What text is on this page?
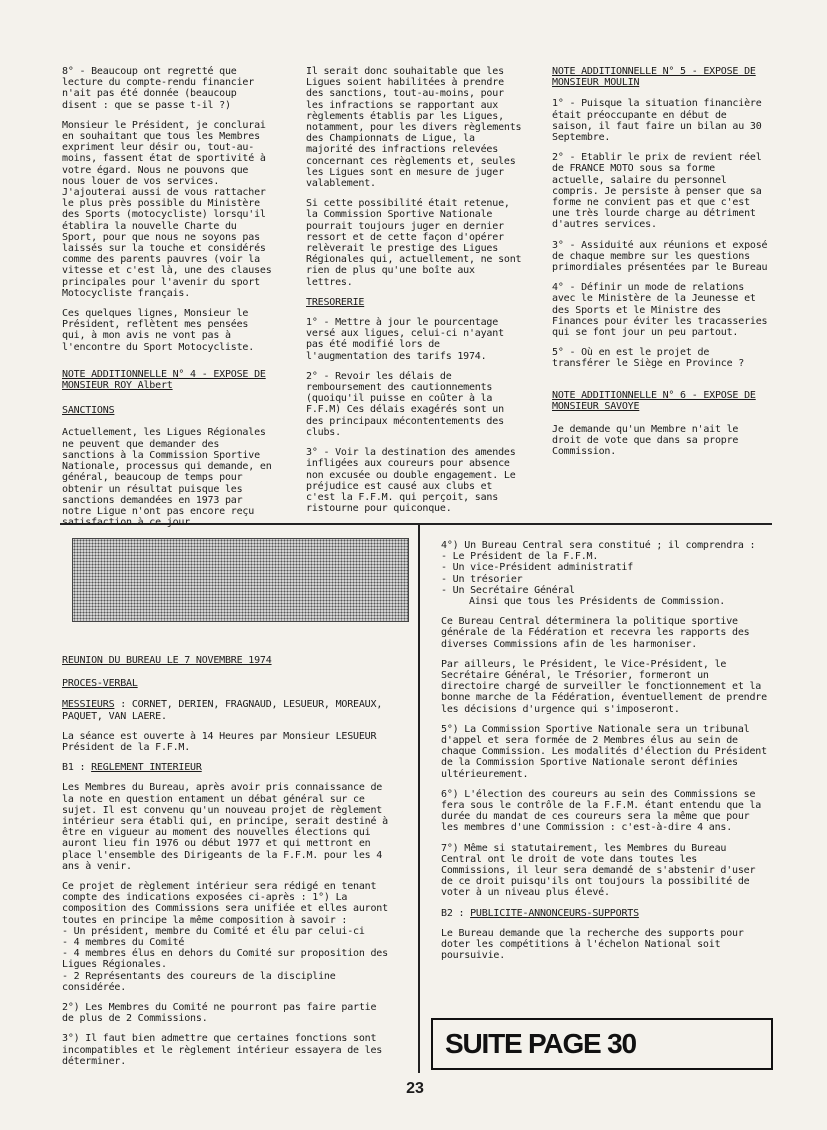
8° - Beaucoup ont regretté que lecture du compte-rendu financier n'ait pas été donnée (beaucoup disent : que se passe t-il ?)

Monsieur le Président, je conclurai en souhaitant que tous les Membres expriment leur désir ou, tout-au-moins, fassent état de sportivité à votre égard. Nous ne pouvons que nous louer de vos services. J'ajouterai aussi de vous rattacher le plus près possible du Ministère des Sports (motocycliste) lorsqu'il établira la nouvelle Charte du Sport, pour que nous ne soyons pas laissés sur la touche et considérés comme des parents pauvres (voir la vitesse et c'est là, une des clauses principales pour l'avenir du sport Motocycliste français.

Ces quelques lignes, Monsieur le Président, reflètent mes pensées qui, à mon avis ne vont pas à l'encontre du Sport Motocycliste.

NOTE ADDITIONNELLE N° 4 - EXPOSE DE MONSIEUR ROY Albert

SANCTIONS

Actuellement, les Ligues Régionales ne peuvent que demander des sanctions à la Commission Sportive Nationale, processus qui demande, en général, beaucoup de temps pour obtenir un résultat puisque les sanctions demandées en 1973 par notre Ligue n'ont pas encore reçu

Il serait donc souhaitable que les Ligues soient habilitées à prendre des sanctions, tout-au-moins, pour les infractions se rapportant aux règlements établis par les Ligues, notamment, pour les divers règlements des Championnats de Ligue, la majorité des infractions relevées concernant ces règlements et, seules les Ligues sont en mesure de juger valablement.

Si cette possibilité était retenue, la Commission Sportive Nationale pourrait toujours juger en dernier ressort et de cette façon d'opérer relèverait le prestige des Ligues Régionales qui, actuellement, ne sont rien de plus qu'une boîte aux lettres.

TRESORERIE

1° - Mettre à jour le pourcentage versé aux ligues, celui-ci n'ayant pas été modifié lors de l'augmentation des tarifs 1974.

2° - Revoir les délais de remboursement des cautionnements (quoiqu'il puisse en coûter à la F.F.M) Ces délais exagérés sont un des principaux mécontentements des clubs.

3° - Voir la destination des amendes infligées aux coureurs pour absence non excusée ou double engagement. Le préjudice est causé aux clubs et c'est la F.F.M. qui perçoit, sans ristourne pour quiconque.

NOTE ADDITIONNELLE N° 5 - EXPOSE DE MONSIEUR MOULIN

1° - Puisque la situation financière était préoccupante en début de saison, il faut faire un bilan au 30 Septembre.

2° - Etablir le prix de revient réel de FRANCE MOTO sous sa forme actuelle, salaire du personnel compris. Je persiste à penser que sa forme ne convient pas et que c'est une très lourde charge au détriment d'autres services.

3° - Assiduité aux réunions et exposé de chaque membre sur les questions primordiales présentées par le Bureau

4° - Définir un mode de relations avec le Ministère de la Jeunesse et des Sports et le Ministre des Finances pour éviter les tracasseries qui se font jour un peu partout.

5° - Où en est le projet de transférer le Siège en Province ?

NOTE ADDITIONNELLE N° 6 - EXPOSE DE MONSIEUR SAVOYE

Je demande qu'un Membre n'ait le droit de vote que dans sa propre Commission.

REUNION DU BUREAU LE 7 NOVEMBRE 1974

PROCES-VERBAL

MESSIEURS : CORNET, DERIEN, FRAGNAUD, LESUEUR, MOREAUX, PAQUET, VAN LAERE.

La séance est ouverte à 14 Heures par Monsieur LESUEUR Président de la F.F.M.

B1 : REGLEMENT INTERIEUR

Les Membres du Bureau, après avoir pris connaissance de la note en question entament un débat général sur ce sujet. Il est convenu qu'un nouveau projet de règlement intérieur sera établi qui, en principe, serait destiné à être en vigueur au moment des nouvelles élections qui auront lieu fin 1976 ou début 1977 et qui mettront en place l'ensemble des Dirigeants de la F.F.M. pour les 4 ans à venir.

Ce projet de règlement intérieur sera rédigé en tenant compte des indications exposées ci-après : 1°) La composition des Commissions sera unifiée et elles auront toutes en principe la même composition à savoir :

- Un président, membre du Comité et élu par celui-ci
- 4 membres du Comité
- 4 membres élus en dehors du Comité sur proposition des Ligues Régionales.
- 2 Représentants des coureurs de la discipline considérée.

2°) Les Membres du Comité ne pourront pas faire partie de plus de 2 Commissions.

3°) Il faut bien admettre que certaines fonctions sont incompatibles et le règlement intérieur essayera de les déterminer.

4°) Un Bureau Central sera constitué ; il comprendra :

- Le Président de la F.F.M.
- Un vice-Président administratif
- Un trésorier
- Un Secrétaire Général
Ainsi que tous les Présidents de Commission.

Ce Bureau Central déterminera la politique sportive générale de la Fédération et recevra les rapports des diverses Commissions afin de les harmoniser.

Par ailleurs, le Président, le Vice-Président, le Secrétaire Général, le Trésorier, formeront un directoire chargé de surveiller le fonctionnement et la bonne marche de la Fédération, éventuellement de prendre les décisions d'urgence qui s'imposeront.

5°) La Commission Sportive Nationale sera un tribunal d'appel et sera formée de 2 Membres élus au sein de chaque Commission. Les modalités d'élection du Président de la Commission Sportive Nationale seront définies ultérieurement.

6°) L'élection des coureurs au sein des Commissions se fera sous le contrôle de la F.F.M. étant entendu que la durée du mandat de ces coureurs sera la même que pour les membres d'une Commission : c'est-à-dire 4 ans.

7°) Même si statutairement, les Membres du Bureau Central ont le droit de vote dans toutes les Commissions, il leur sera demandé de s'abstenir d'user de ce droit puisqu'ils ont toujours la possibilité de voter à un niveau plus élevé.

B2 : PUBLICITE-ANNONCEURS-SUPPORTS

Le Bureau demande que la recherche des supports pour doter les compétitions à l'échelon National soit poursuivie.

SUITE PAGE 30
23
